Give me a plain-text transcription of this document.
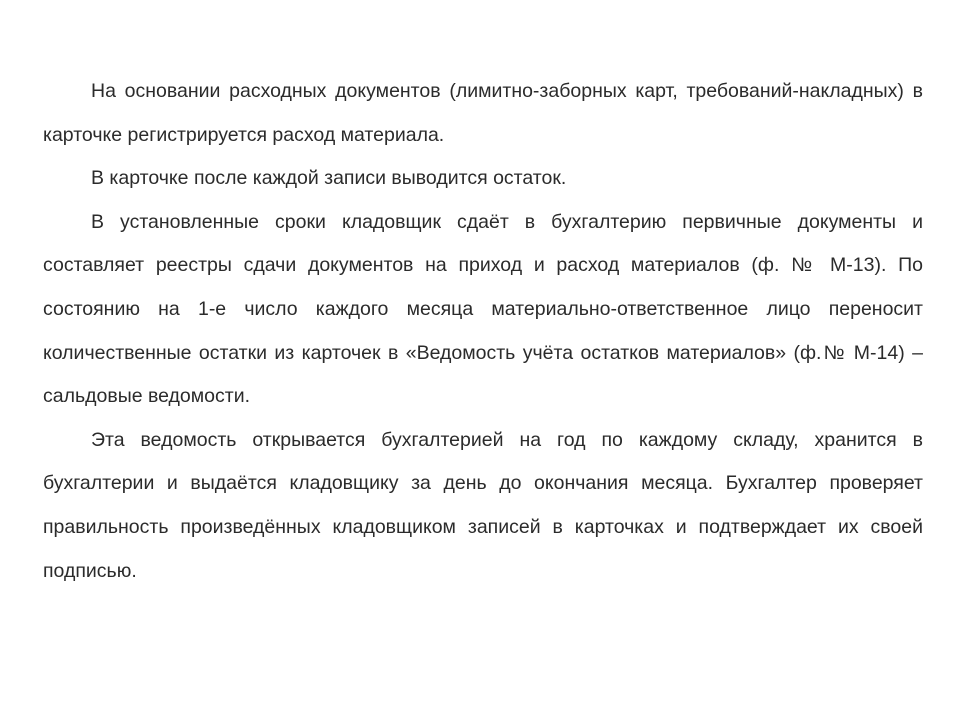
На основании расходных документов (лимитно-заборных карт, требований-накладных) в карточке регистрируется расход материала.

В карточке после каждой записи выводится остаток.

В установленные сроки кладовщик сдаёт в бухгалтерию первичные документы и составляет реестры сдачи документов на приход и расход материалов (ф. № М-13). По состоянию на 1-е число каждого месяца материально-ответственное лицо переносит количественные остатки из карточек в «Ведомость учёта остатков материалов» (ф.№ М-14) – сальдовые ведомости.

Эта ведомость открывается бухгалтерией на год по каждому складу, хранится в бухгалтерии и выдаётся кладовщику за день до окончания месяца. Бухгалтер проверяет правильность произведённых кладовщиком записей в карточках и подтверждает их своей подписью.
